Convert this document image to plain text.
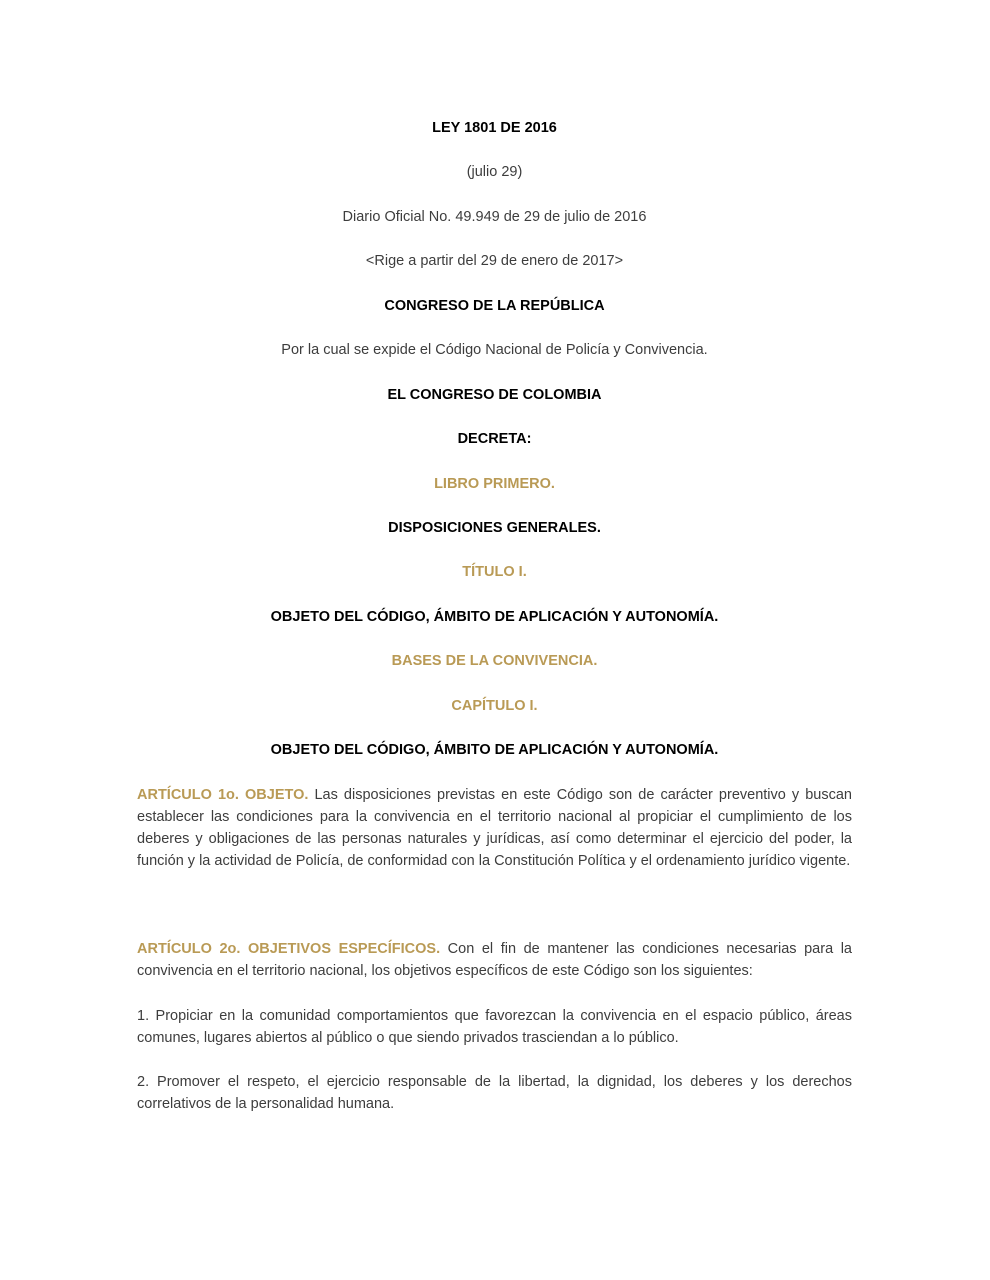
LEY 1801 DE 2016
(julio 29)
Diario Oficial No. 49.949 de 29 de julio de 2016
<Rige a partir del 29 de enero de 2017>
CONGRESO DE LA REPÚBLICA
Por la cual se expide el Código Nacional de Policía y Convivencia.
EL CONGRESO DE COLOMBIA
DECRETA:
LIBRO PRIMERO.
DISPOSICIONES GENERALES.
TÍTULO I.
OBJETO DEL CÓDIGO, ÁMBITO DE APLICACIÓN Y AUTONOMÍA.
BASES DE LA CONVIVENCIA.
CAPÍTULO I.
OBJETO DEL CÓDIGO, ÁMBITO DE APLICACIÓN Y AUTONOMÍA.
ARTÍCULO 1o. OBJETO. Las disposiciones previstas en este Código son de carácter preventivo y buscan establecer las condiciones para la convivencia en el territorio nacional al propiciar el cumplimiento de los deberes y obligaciones de las personas naturales y jurídicas, así como determinar el ejercicio del poder, la función y la actividad de Policía, de conformidad con la Constitución Política y el ordenamiento jurídico vigente.
ARTÍCULO 2o. OBJETIVOS ESPECÍFICOS. Con el fin de mantener las condiciones necesarias para la convivencia en el territorio nacional, los objetivos específicos de este Código son los siguientes:
1. Propiciar en la comunidad comportamientos que favorezcan la convivencia en el espacio público, áreas comunes, lugares abiertos al público o que siendo privados trasciendan a lo público.
2. Promover el respeto, el ejercicio responsable de la libertad, la dignidad, los deberes y los derechos correlativos de la personalidad humana.
